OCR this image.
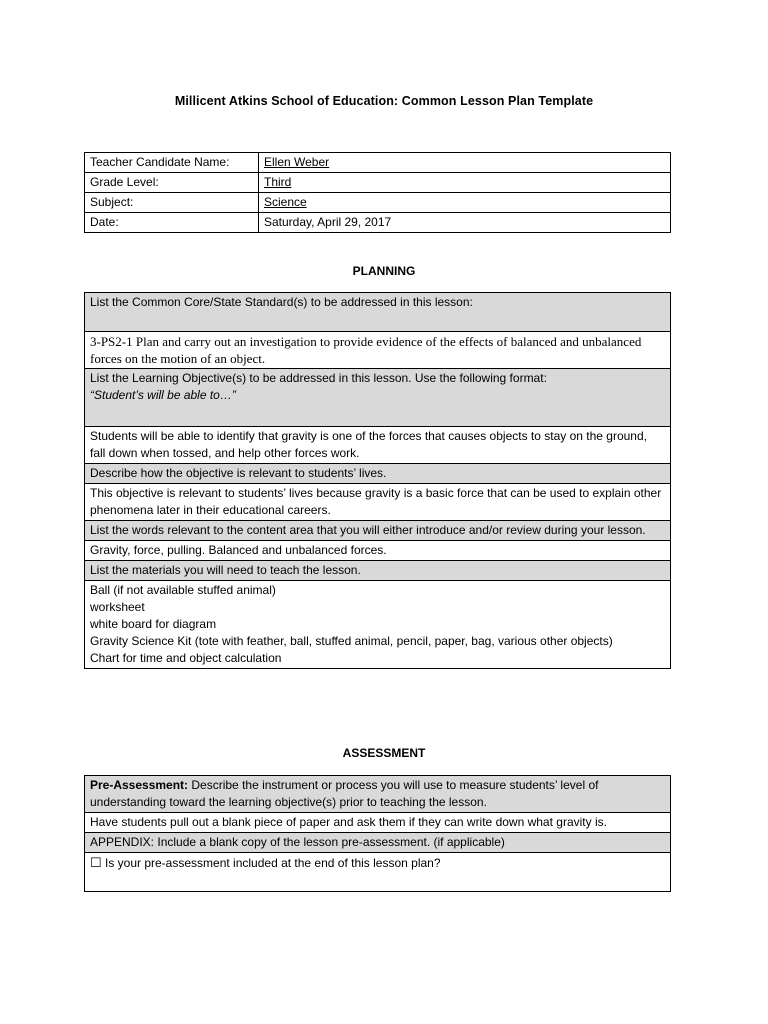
Millicent Atkins School of Education: Common Lesson Plan Template
Teacher Candidate Name:	Ellen Weber
Grade Level:	Third
Subject:	Science
Date:	Saturday, April 29, 2017
PLANNING
List the Common Core/State Standard(s) to be addressed in this lesson:
3-PS2-1 Plan and carry out an investigation to provide evidence of the effects of balanced and unbalanced forces on the motion of an object.

List the Learning Objective(s) to be addressed in this lesson. Use the following format:
“Student’s will be able to…”

Students will be able to identify that gravity is one of the forces that causes objects to stay on the ground, fall down when tossed, and help other forces work.
Describe how the objective is relevant to students’ lives.
This objective is relevant to students’ lives because gravity is a basic force that can be used to explain other phenomena later in their educational careers.
List the words relevant to the content area that you will either introduce and/or review during your lesson.
Gravity, force, pulling. Balanced and unbalanced forces.
List the materials you will need to teach the lesson.

Ball (if not available stuffed animal)
worksheet
white board for diagram
Gravity Science Kit (tote with feather, ball, stuffed animal, pencil, paper, bag, various other objects)
Chart for time and object calculation
ASSESSMENT
Pre-Assessment: Describe the instrument or process you will use to measure students’ level of understanding toward the learning objective(s) prior to teaching the lesson.
Have students pull out a blank piece of paper and ask them if they can write down what gravity is.
APPENDIX: Include a blank copy of the lesson pre-assessment. (if applicable)
☐ Is your pre-assessment included at the end of this lesson plan?
